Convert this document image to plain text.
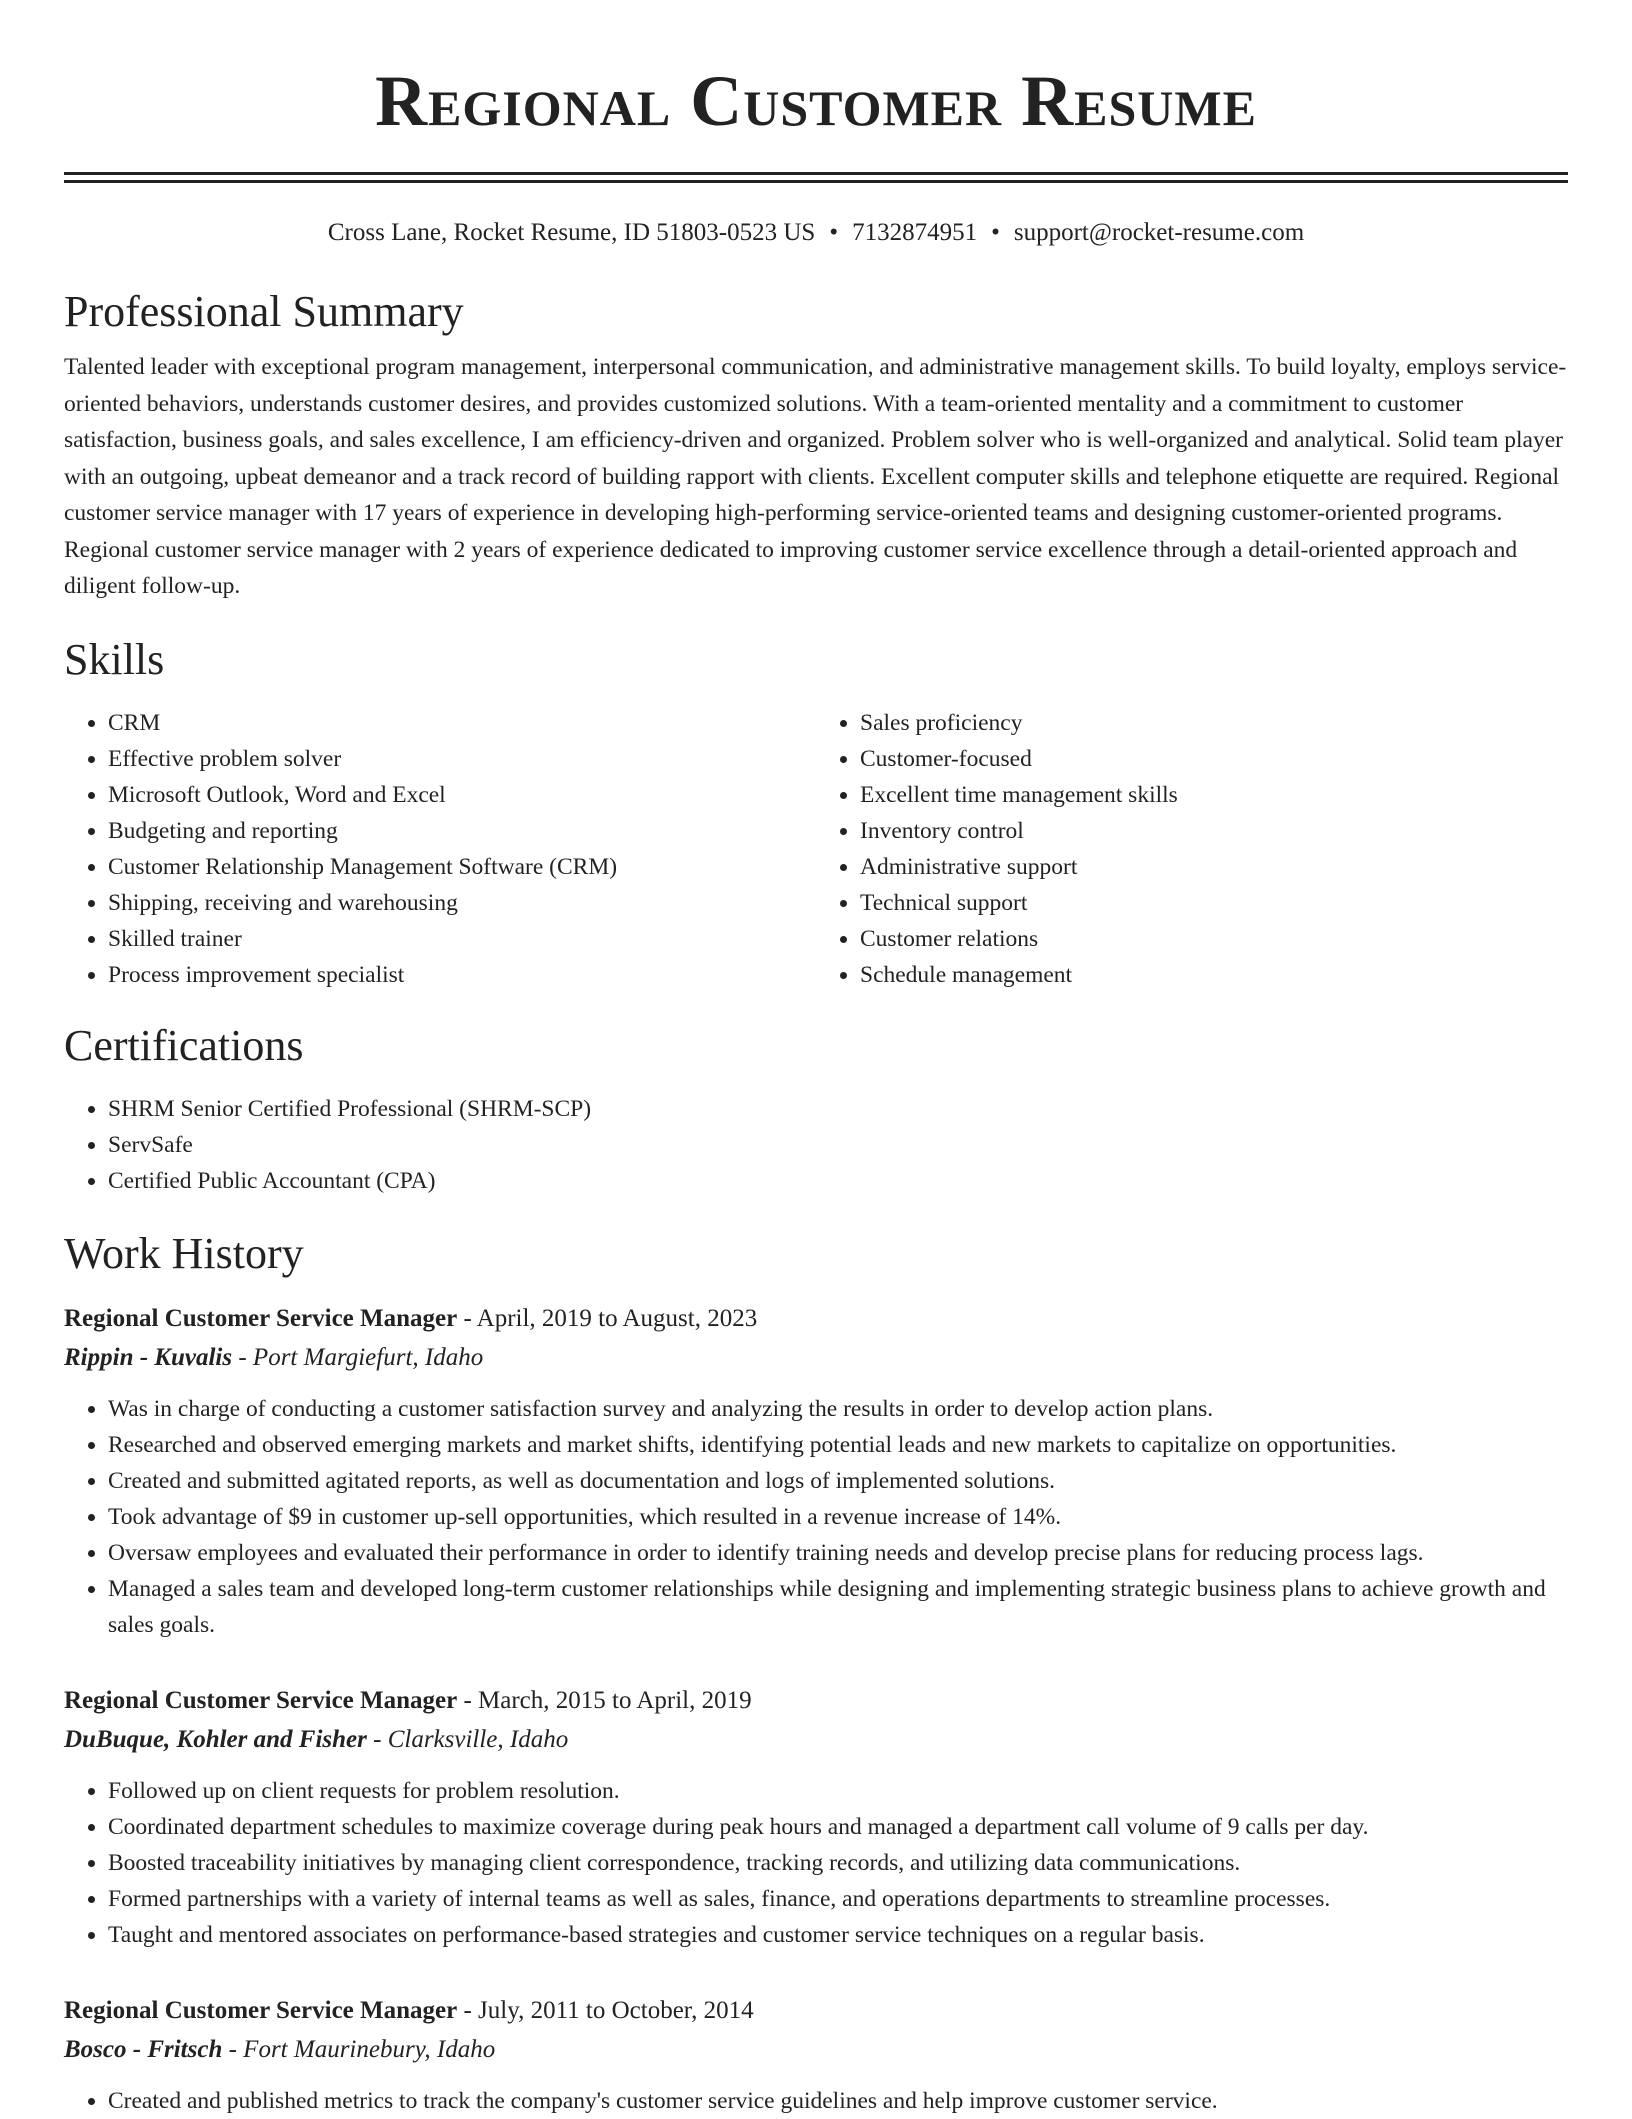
Regional Customer Resume
Cross Lane, Rocket Resume, ID 51803-0523 US • 7132874951 • support@rocket-resume.com
Professional Summary

Talented leader with exceptional program management, interpersonal communication, and administrative management skills. To build loyalty, employs service-oriented behaviors, understands customer desires, and provides customized solutions. With a team-oriented mentality and a commitment to customer satisfaction, business goals, and sales excellence, I am efficiency-driven and organized. Problem solver who is well-organized and analytical. Solid team player with an outgoing, upbeat demeanor and a track record of building rapport with clients. Excellent computer skills and telephone etiquette are required. Regional customer service manager with 17 years of experience in developing high-performing service-oriented teams and designing customer-oriented programs. Regional customer service manager with 2 years of experience dedicated to improving customer service excellence through a detail-oriented approach and diligent follow-up.

Skills
• CRM
• Effective problem solver
• Microsoft Outlook, Word and Excel
• Budgeting and reporting
• Customer Relationship Management Software (CRM)
• Shipping, receiving and warehousing
• Skilled trainer
• Process improvement specialist
• Sales proficiency
• Customer-focused
• Excellent time management skills
• Inventory control
• Administrative support
• Technical support
• Customer relations
• Schedule management
Certifications
• SHRM Senior Certified Professional (SHRM-SCP)
• ServSafe
• Certified Public Accountant (CPA)
Work History
Regional Customer Service Manager - April, 2019 to August, 2023
Rippin - Kuvalis - Port Margiefurt, Idaho
• Was in charge of conducting a customer satisfaction survey and analyzing the results in order to develop action plans.
• Researched and observed emerging markets and market shifts, identifying potential leads and new markets to capitalize on opportunities.
• Created and submitted agitated reports, as well as documentation and logs of implemented solutions.
• Took advantage of $9 in customer up-sell opportunities, which resulted in a revenue increase of 14%.
• Oversaw employees and evaluated their performance in order to identify training needs and develop precise plans for reducing process lags.
• Managed a sales team and developed long-term customer relationships while designing and implementing strategic business plans to achieve growth and sales goals.
Regional Customer Service Manager - March, 2015 to April, 2019
DuBuque, Kohler and Fisher - Clarksville, Idaho
• Followed up on client requests for problem resolution.
• Coordinated department schedules to maximize coverage during peak hours and managed a department call volume of 9 calls per day.
• Boosted traceability initiatives by managing client correspondence, tracking records, and utilizing data communications.
• Formed partnerships with a variety of internal teams as well as sales, finance, and operations departments to streamline processes.
• Taught and mentored associates on performance-based strategies and customer service techniques on a regular basis.
Regional Customer Service Manager - July, 2011 to October, 2014
Bosco - Fritsch - Fort Maurinebury, Idaho
• Created and published metrics to track the company's customer service guidelines and help improve customer service.
